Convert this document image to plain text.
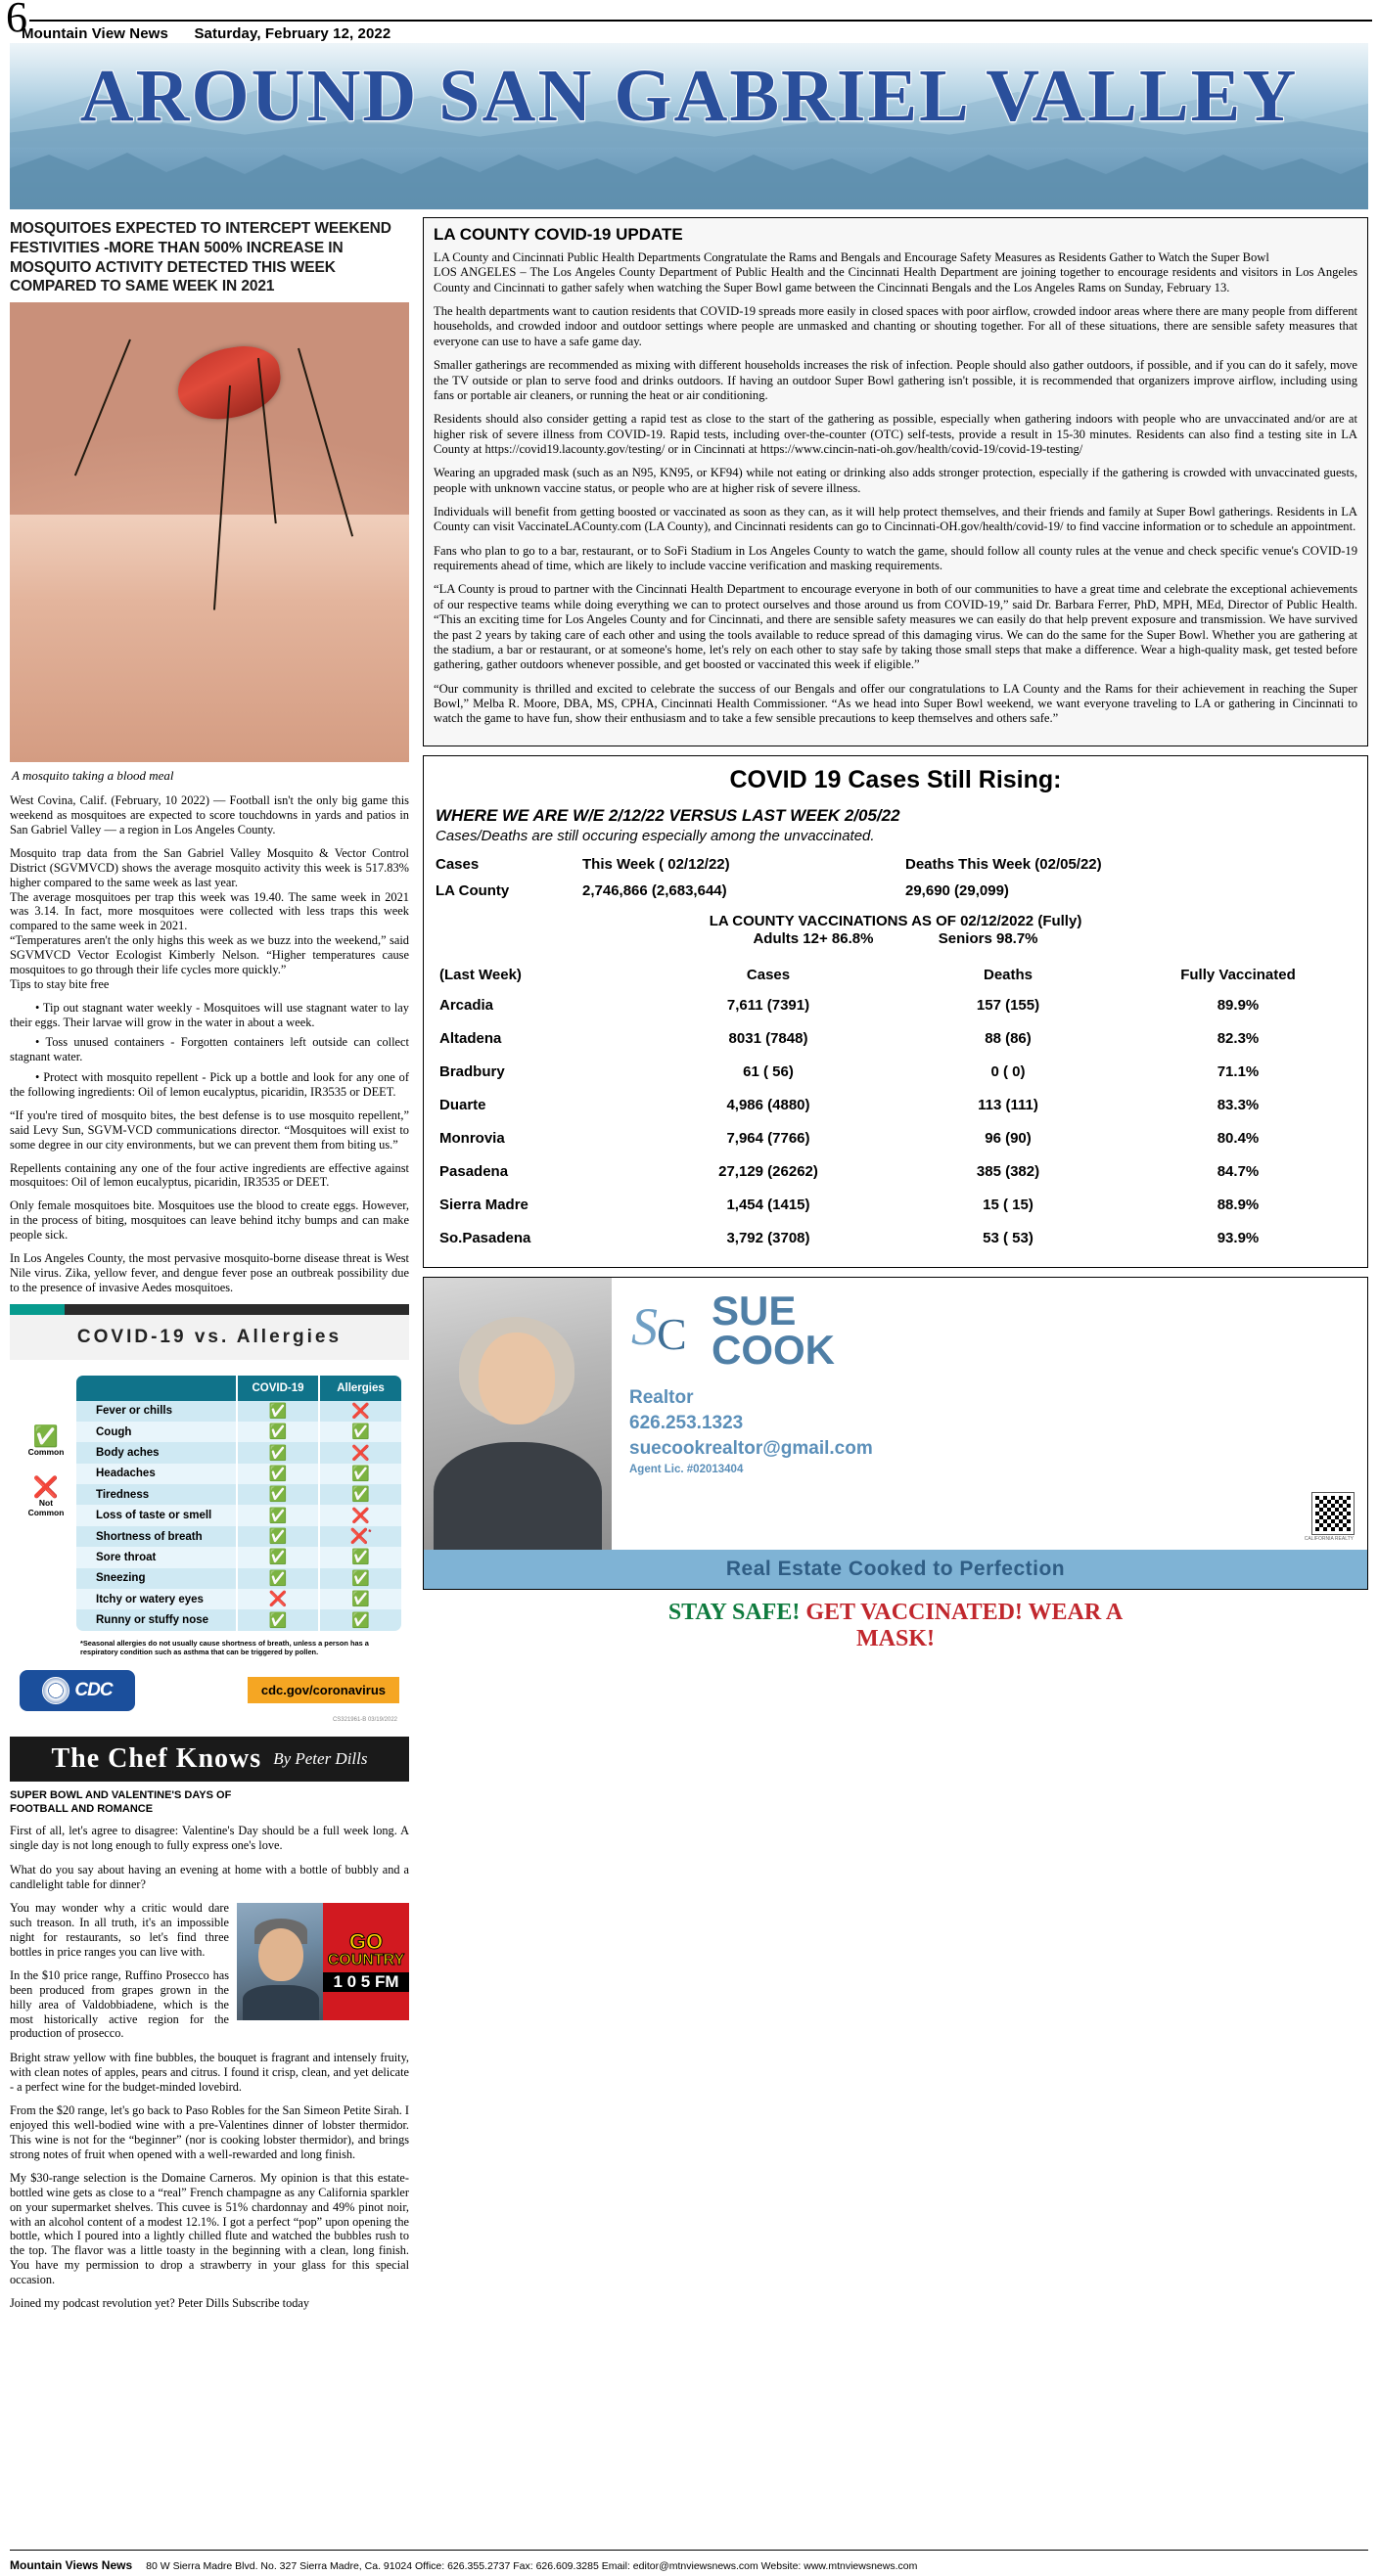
6
Mountain View News Saturday, February 12, 2022
AROUND SAN GABRIEL VALLEY
MOSQUITOES EXPECTED TO INTERCEPT WEEKEND FESTIVITIES -MORE THAN 500% INCREASE IN MOSQUITO ACTIVITY DETECTED THIS WEEK COMPARED TO SAME WEEK IN 2021
A mosquito taking a blood meal

West Covina, Calif. (February, 10 2022) — Football isn't the only big game this weekend as mosquitoes are expected to score touchdowns in yards and patios in San Gabriel Valley — a region in Los Angeles County.

Mosquito trap data from the San Gabriel Valley Mosquito & Vector Control District (SGVMVCD) shows the average mosquito activity this week is 517.83% higher compared to the same week as last year.

The average mosquitoes per trap this week was 19.40. The same week in 2021 was 3.14. In fact, more mosquitoes were collected with less traps this week compared to the same week in 2021.

“Temperatures aren't the only highs this week as we buzz into the weekend,” said SGVMVCD Vector Ecologist Kimberly Nelson. “Higher temperatures cause mosquitoes to go through their life cycles more quickly.”

Tips to stay bite free

• Tip out stagnant water weekly - Mosquitoes will use stagnant water to lay their eggs. Their larvae will grow in the water in about a week.
• Toss unused containers - Forgotten containers left outside can collect stagnant water.
• Protect with mosquito repellent - Pick up a bottle and look for any one of the following ingredients: Oil of lemon eucalyptus, picaridin, IR3535 or DEET.

“If you're tired of mosquito bites, the best defense is to use mosquito repellent,” said Levy Sun, SGVM-VCD communications director. “Mosquitoes will exist to some degree in our city environments, but we can prevent them from biting us.”

Repellents containing any one of the four active ingredients are effective against mosquitoes: Oil of lemon eucalyptus, picaridin, IR3535 or DEET.

Only female mosquitoes bite. Mosquitoes use the blood to create eggs. However, in the process of biting, mosquitoes can leave behind itchy bumps and can make people sick.

In Los Angeles County, the most pervasive mosquito-borne disease threat is West Nile virus. Zika, yellow fever, and dengue fever pose an outbreak possibility due to the presence of invasive Aedes mosquitoes.

COVID-19 vs. Allergies
✅
Common
❌
Not
Common
	COVID-19	Allergies
Fever or chills	✅	❌
Cough	✅	✅
Body aches	✅	❌
Headaches	✅	✅
Tiredness	✅	✅
Loss of taste or smell	✅	❌
Shortness of breath	✅	❌*
Sore throat	✅	✅
Sneezing	✅	✅
Itchy or watery eyes	❌	✅
Runny or stuffy nose	✅	✅
*Seasonal allergies do not usually cause shortness of breath, unless a person has a respiratory condition such as asthma that can be triggered by pollen.
CDC	cdc.gov/coronavirus
CS321961-B 03/19/2022
The Chef Knows By Peter Dills
SUPER BOWL AND VALENTINE'S DAYS OF
FOOTBALL AND ROMANCE

First of all, let's agree to disagree: Valentine's Day should be a full week long. A single day is not long enough to fully express one's love.

What do you say about having an evening at home with a bottle of bubbly and a candlelight table for dinner?

GO
COUNTRY
1 0 5 FM

You may wonder why a critic would dare such treason. In all truth, it's an impossible night for restaurants, so let's find three bottles in price ranges you can live with.

In the $10 price range, Ruffino Prosecco has been produced from grapes grown in the hilly area of Valdobbiadene, which is the most historically active region for the production of prosecco.

Bright straw yellow with fine bubbles, the bouquet is fragrant and intensely fruity, with clean notes of apples, pears and citrus. I found it crisp, clean, and yet delicate - a perfect wine for the budget-minded lovebird.

From the $20 range, let's go back to Paso Robles for the San Simeon Petite Sirah. I enjoyed this well-bodied wine with a pre-Valentines dinner of lobster thermidor. This wine is not for the “beginner” (nor is cooking lobster thermidor), and brings strong notes of fruit when opened with a well-rewarded and long finish.

My $30-range selection is the Domaine Carneros. My opinion is that this estate-bottled wine gets as close to a “real” French champagne as any California sparkler on your supermarket shelves. This cuvee is 51% chardonnay and 49% pinot noir, with an alcohol content of a modest 12.1%. I got a perfect “pop” upon opening the bottle, which I poured into a lightly chilled flute and watched the bubbles rush to the top. The flavor was a little toasty in the beginning with a clean, long finish. You have my permission to drop a strawberry in your glass for this special occasion.

Joined my podcast revolution yet? Peter Dills Subscribe today

LA COUNTY COVID-19 UPDATE

LA County and Cincinnati Public Health Departments Congratulate the Rams and Bengals and Encourage Safety Measures as Residents Gather to Watch the Super Bowl

LOS ANGELES – The Los Angeles County Department of Public Health and the Cincinnati Health Department are joining together to encourage residents and visitors in Los Angeles County and Cincinnati to gather safely when watching the Super Bowl game between the Cincinnati Bengals and the Los Angeles Rams on Sunday, February 13.

The health departments want to caution residents that COVID-19 spreads more easily in closed spaces with poor airflow, crowded indoor areas where there are many people from different households, and crowded indoor and outdoor settings where people are unmasked and chanting or shouting together. For all of these situations, there are sensible safety measures that everyone can use to have a safe game day.

Smaller gatherings are recommended as mixing with different households increases the risk of infection. People should also gather outdoors, if possible, and if you can do it safely, move the TV outside or plan to serve food and drinks outdoors. If having an outdoor Super Bowl gathering isn't possible, it is recommended that organizers improve airflow, including using fans or portable air cleaners, or running the heat or air conditioning.

Residents should also consider getting a rapid test as close to the start of the gathering as possible, especially when gathering indoors with people who are unvaccinated and/or are at higher risk of severe illness from COVID-19. Rapid tests, including over-the-counter (OTC) self-tests, provide a result in 15-30 minutes. Residents can also find a testing site in LA County at https://covid19.lacounty.gov/testing/ or in Cincinnati at https://www.cincin-nati-oh.gov/health/covid-19/covid-19-testing/

Wearing an upgraded mask (such as an N95, KN95, or KF94) while not eating or drinking also adds stronger protection, especially if the gathering is crowded with unvaccinated guests, people with unknown vaccine status, or people who are at higher risk of severe illness.

Individuals will benefit from getting boosted or vaccinated as soon as they can, as it will help protect themselves, and their friends and family at Super Bowl gatherings. Residents in LA County can visit VaccinateLACounty.com (LA County), and Cincinnati residents can go to Cincinnati-OH.gov/health/covid-19/ to find vaccine information or to schedule an appointment.

Fans who plan to go to a bar, restaurant, or to SoFi Stadium in Los Angeles County to watch the game, should follow all county rules at the venue and check specific venue's COVID-19 requirements ahead of time, which are likely to include vaccine verification and masking requirements.

“LA County is proud to partner with the Cincinnati Health Department to encourage everyone in both of our communities to have a great time and celebrate the exceptional achievements of our respective teams while doing everything we can to protect ourselves and those around us from COVID-19,” said Dr. Barbara Ferrer, PhD, MPH, MEd, Director of Public Health. “This an exciting time for Los Angeles County and for Cincinnati, and there are sensible safety measures we can easily do that help prevent exposure and transmission. We have survived the past 2 years by taking care of each other and using the tools available to reduce spread of this damaging virus. We can do the same for the Super Bowl. Whether you are gathering at the stadium, a bar or restaurant, or at someone's home, let's rely on each other to stay safe by taking those small steps that make a difference. Wear a high-quality mask, get tested before gathering, gather outdoors whenever possible, and get boosted or vaccinated this week if eligible.”

“Our community is thrilled and excited to celebrate the success of our Bengals and offer our congratulations to LA County and the Rams for their achievement in reaching the Super Bowl,” Melba R. Moore, DBA, MS, CPHA, Cincinnati Health Commissioner. “As we head into Super Bowl weekend, we want everyone traveling to LA or gathering in Cincinnati to watch the game to have fun, show their enthusiasm and to take a few sensible precautions to keep themselves and others safe.”

COVID 19 Cases Still Rising:
WHERE WE ARE W/E 2/12/22 VERSUS LAST WEEK 2/05/22
Cases/Deaths are still occuring especially among the unvaccinated.
Cases	This Week ( 02/12/22)	Deaths This Week (02/05/22)
LA County	2,746,866 (2,683,644)	29,690 (29,099)
LA COUNTY VACCINATIONS AS OF 02/12/2022 (Fully)
Adults 12+ 86.8%	Seniors 98.7%
(Last Week)	Cases	Deaths	Fully Vaccinated
Arcadia	7,611 (7391)	157 (155)	89.9%
Altadena	8031 (7848)	88 (86)	82.3%
Bradbury	61 ( 56)	0 ( 0)	71.1%
Duarte	4,986 (4880)	113 (111)	83.3%
Monrovia	7,964 (7766)	96 (90)	80.4%
Pasadena	27,129 (26262)	385 (382)	84.7%
Sierra Madre	1,454 (1415)	15 ( 15)	88.9%
So.Pasadena	3,792 (3708)	53 ( 53)	93.9%
S C SUE
COOK
Realtor
626.253.1323
suecookrealtor@gmail.com
Agent Lic. #02013404
CALIFORNIA REALTY
Real Estate Cooked to Perfection
STAY SAFE! GET VACCINATED! WEAR A
MASK!
Mountain Views News 80 W Sierra Madre Blvd. No. 327 Sierra Madre, Ca. 91024 Office: 626.355.2737 Fax: 626.609.3285 Email: editor@mtnviewsnews.com Website: www.mtnviewsnews.com
